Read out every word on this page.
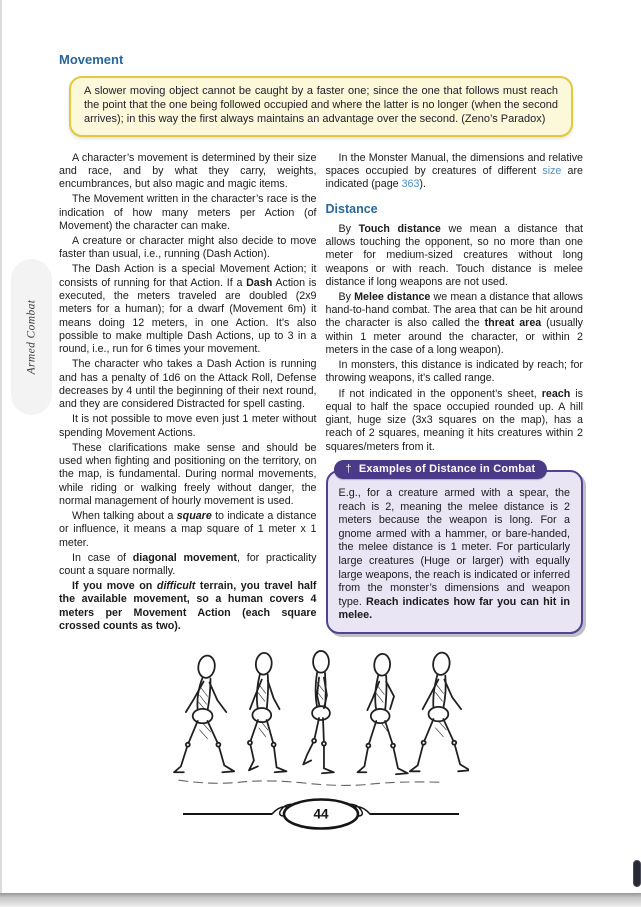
Armed Combat
Movement
A slower moving object cannot be caught by a faster one; since the one that follows must reach the point that the one being followed occupied and where the latter is no longer (when the second arrives); in this way the first always maintains an advantage over the second. (Zeno’s Paradox)

A character’s movement is determined by their size and race, and by what they carry, weights, encumbrances, but also magic and magic items.

The Movement written in the character’s race is the indication of how many meters per Action (of Movement) the character can make.

A creature or character might also decide to move faster than usual, i.e., running (Dash Action).

The Dash Action is a special Movement Action; it consists of running for that Action. If a Dash Action is executed, the meters traveled are doubled (2x9 meters for a human); for a dwarf (Movement 6m) it means doing 12 meters, in one Action. It’s also possible to make multiple Dash Actions, up to 3 in a round, i.e., run for 6 times your movement.

The character who takes a Dash Action is running and has a penalty of 1d6 on the Attack Roll, Defense decreases by 4 until the beginning of their next round, and they are considered Distracted for spell casting.

It is not possible to move even just 1 meter without spending Movement Actions.

These clarifications make sense and should be used when fighting and positioning on the territory, on the map, is fundamental. During normal movements, while riding or walking freely without danger, the normal management of hourly movement is used.

When talking about a square to indicate a distance or influence, it means a map square of 1 meter x 1 meter.

In case of diagonal movement, for practicality count a square normally.

If you move on difficult terrain, you travel half the available movement, so a human covers 4 meters per Movement Action (each square crossed counts as two).

In the Monster Manual, the dimensions and relative spaces occupied by creatures of different size are indicated (page 363).

Distance

By Touch distance we mean a distance that allows touching the opponent, so no more than one meter for medium-sized creatures without long weapons or with reach. Touch distance is melee distance if long weapons are not used.

By Melee distance we mean a distance that allows hand-to-hand combat. The area that can be hit around the character is also called the threat area (usually within 1 meter around the character, or within 2 meters in the case of a long weapon).

In monsters, this distance is indicated by reach; for throwing weapons, it’s called range.

If not indicated in the opponent’s sheet, reach is equal to half the space occupied rounded up. A hill giant, huge size (3x3 squares on the map), has a reach of 2 squares, meaning it hits creatures within 2 squares/meters from it.

† Examples of Distance in Combat

E.g., for a creature armed with a spear, the reach is 2, meaning the melee distance is 2 meters because the weapon is long. For a gnome armed with a hammer, or bare-handed, the melee distance is 1 meter. For particularly large creatures (Huge or larger) with equally large weapons, the reach is indicated or inferred from the monster’s dimensions and weapon type. Reach indicates how far you can hit in melee.

44
